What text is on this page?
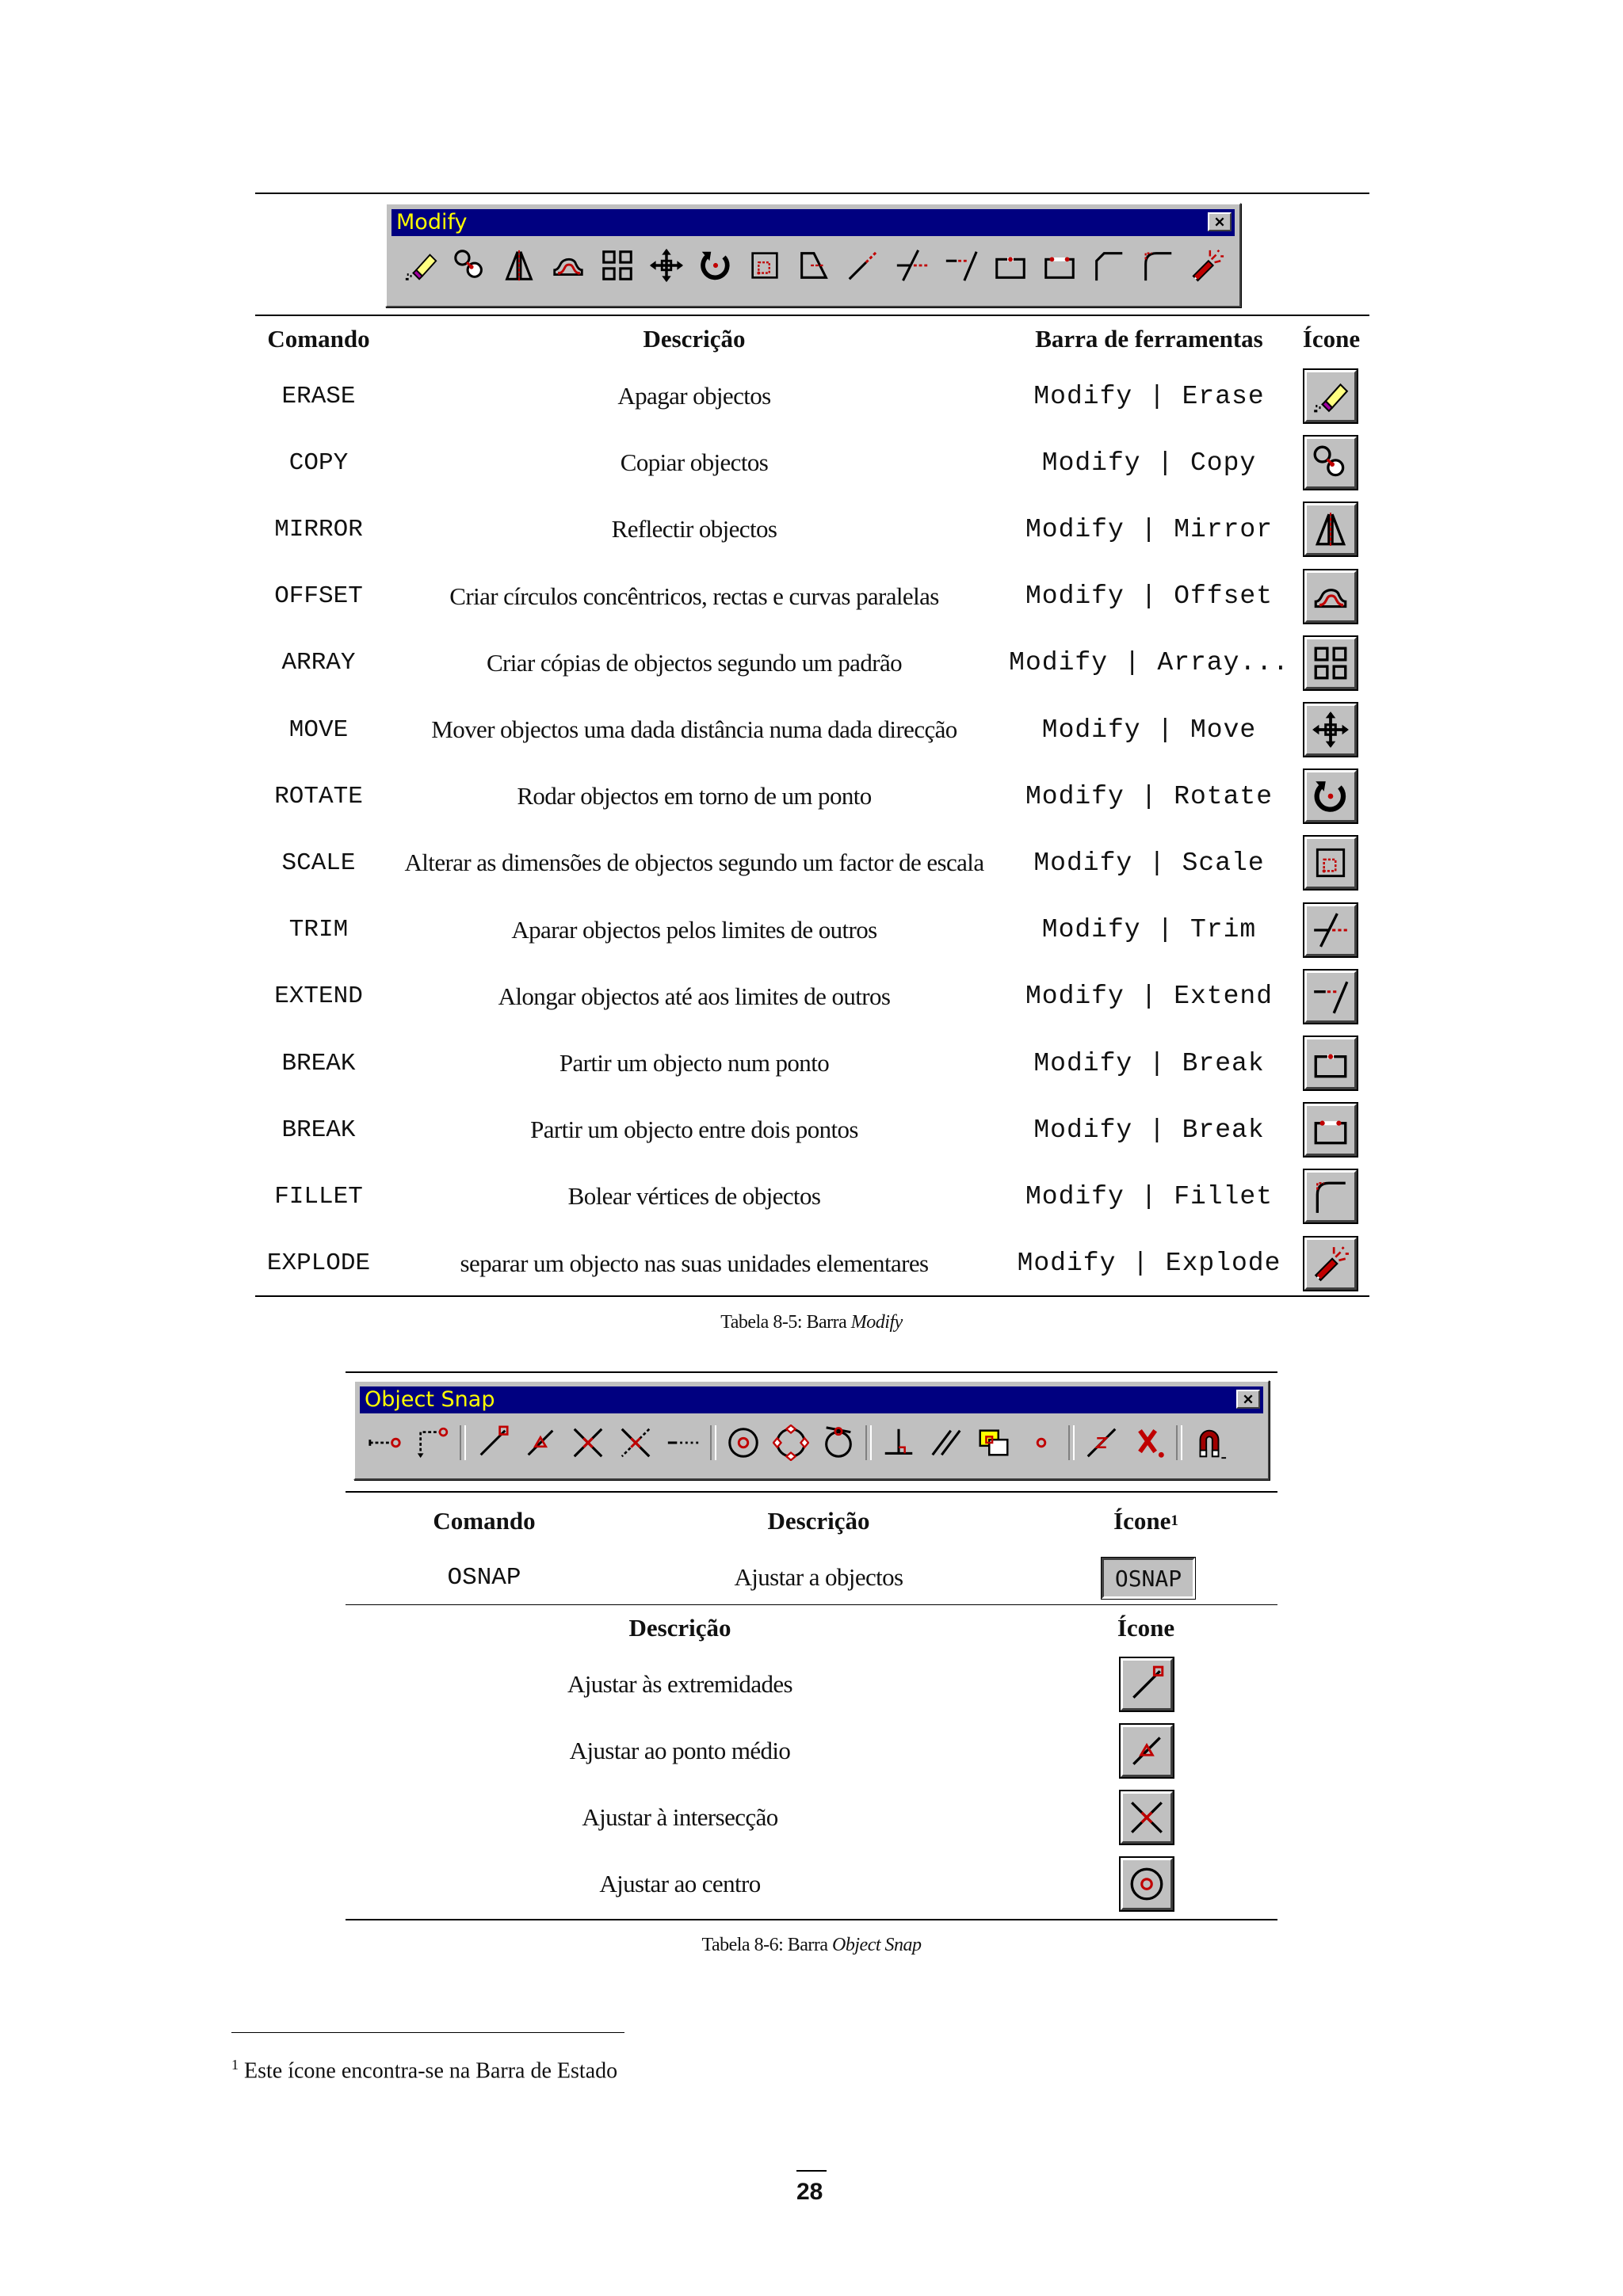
Modify
Comando	Descrição	Barra de ferramentas	Ícone
ERASE	Apagar objectos	Modify | Erase
COPY	Copiar objectos	Modify | Copy
MIRROR	Reflectir objectos	Modify | Mirror
OFFSET	Criar círculos concêntricos, rectas e curvas paralelas	Modify | Offset
ARRAY	Criar cópias de objectos segundo um padrão	Modify | Array...
MOVE	Mover objectos uma dada distância numa dada direcção	Modify | Move
ROTATE	Rodar objectos em torno de um ponto	Modify | Rotate
SCALE	Alterar as dimensões de objectos segundo um factor de escala	Modify | Scale
TRIM	Aparar objectos pelos limites de outros	Modify | Trim
EXTEND	Alongar objectos até aos limites de outros	Modify | Extend
BREAK	Partir um objecto num ponto	Modify | Break
BREAK	Partir um objecto entre dois pontos	Modify | Break
FILLET	Bolear vértices de objectos	Modify | Fillet
EXPLODE	separar um objecto nas suas unidades elementares	Modify | Explode
Tabela 8-5: Barra Modify
Object Snap
Comando	Descrição	Ícone 1
OSNAP	Ajustar a objectos	OSNAP
Descrição	Ícone
Ajustar às extremidades
Ajustar ao ponto médio
Ajustar à intersecção
Ajustar ao centro
Tabela 8-6: Barra Object Snap
$^1$ Este ícone encontra-se na Barra de Estado
28
